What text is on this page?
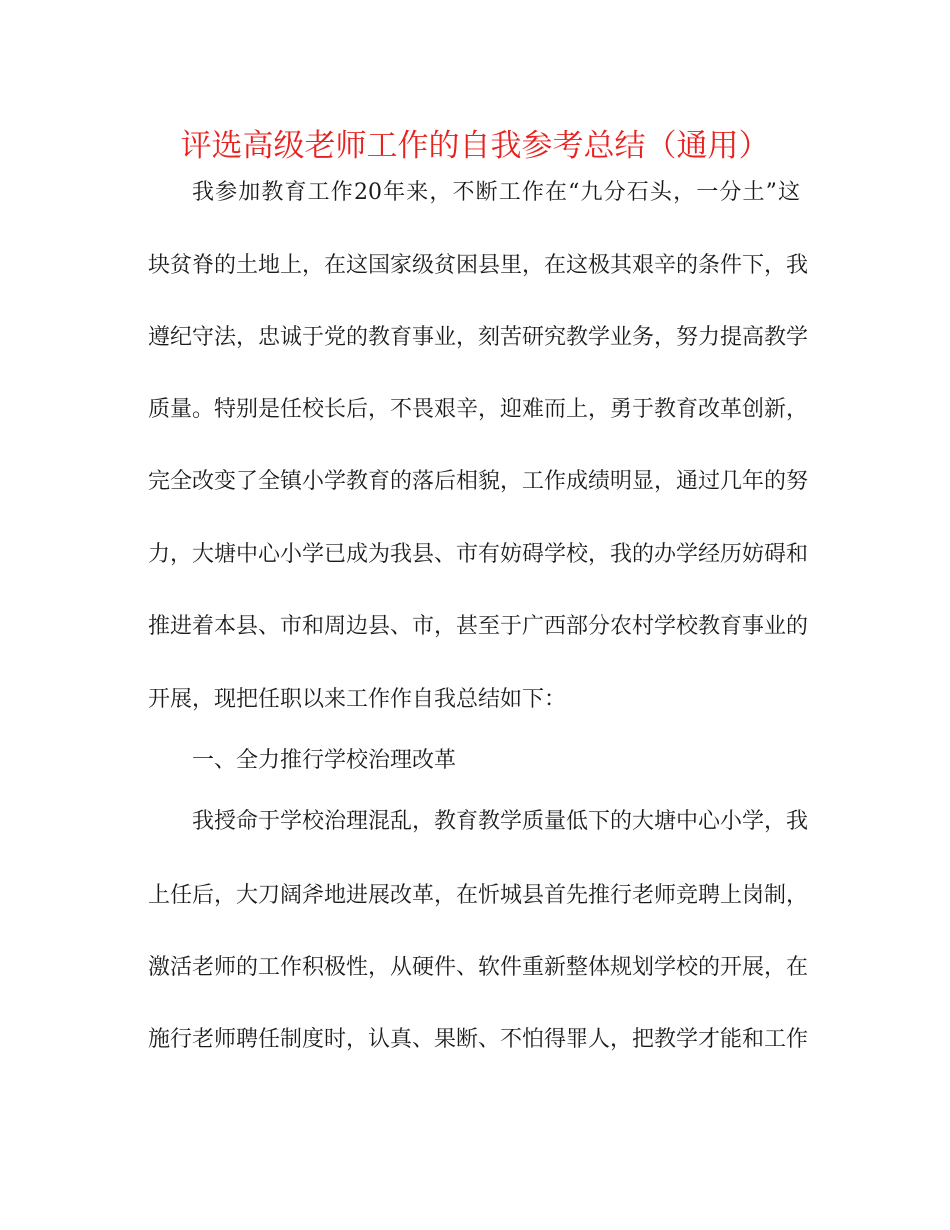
评选高级老师工作的自我参考总结（通用）
我参加教育工作20年来，不断工作在“九分石头，一分土”这
块贫脊的土地上，在这国家级贫困县里，在这极其艰辛的条件下，我
遵纪守法，忠诚于党的教育事业，刻苦研究教学业务，努力提高教学
质量。特别是任校长后，不畏艰辛，迎难而上，勇于教育改革创新，
完全改变了全镇小学教育的落后相貌，工作成绩明显，通过几年的努
力，大塘中心小学已成为我县、市有妨碍学校，我的办学经历妨碍和
推进着本县、市和周边县、市，甚至于广西部分农村学校教育事业的
开展，现把任职以来工作作自我总结如下：
一、全力推行学校治理改革
我授命于学校治理混乱，教育教学质量低下的大塘中心小学，我
上任后，大刀阔斧地进展改革，在忻城县首先推行老师竞聘上岗制，
激活老师的工作积极性，从硬件、软件重新整体规划学校的开展，在
施行老师聘任制度时，认真、果断、不怕得罪人，把教学才能和工作
